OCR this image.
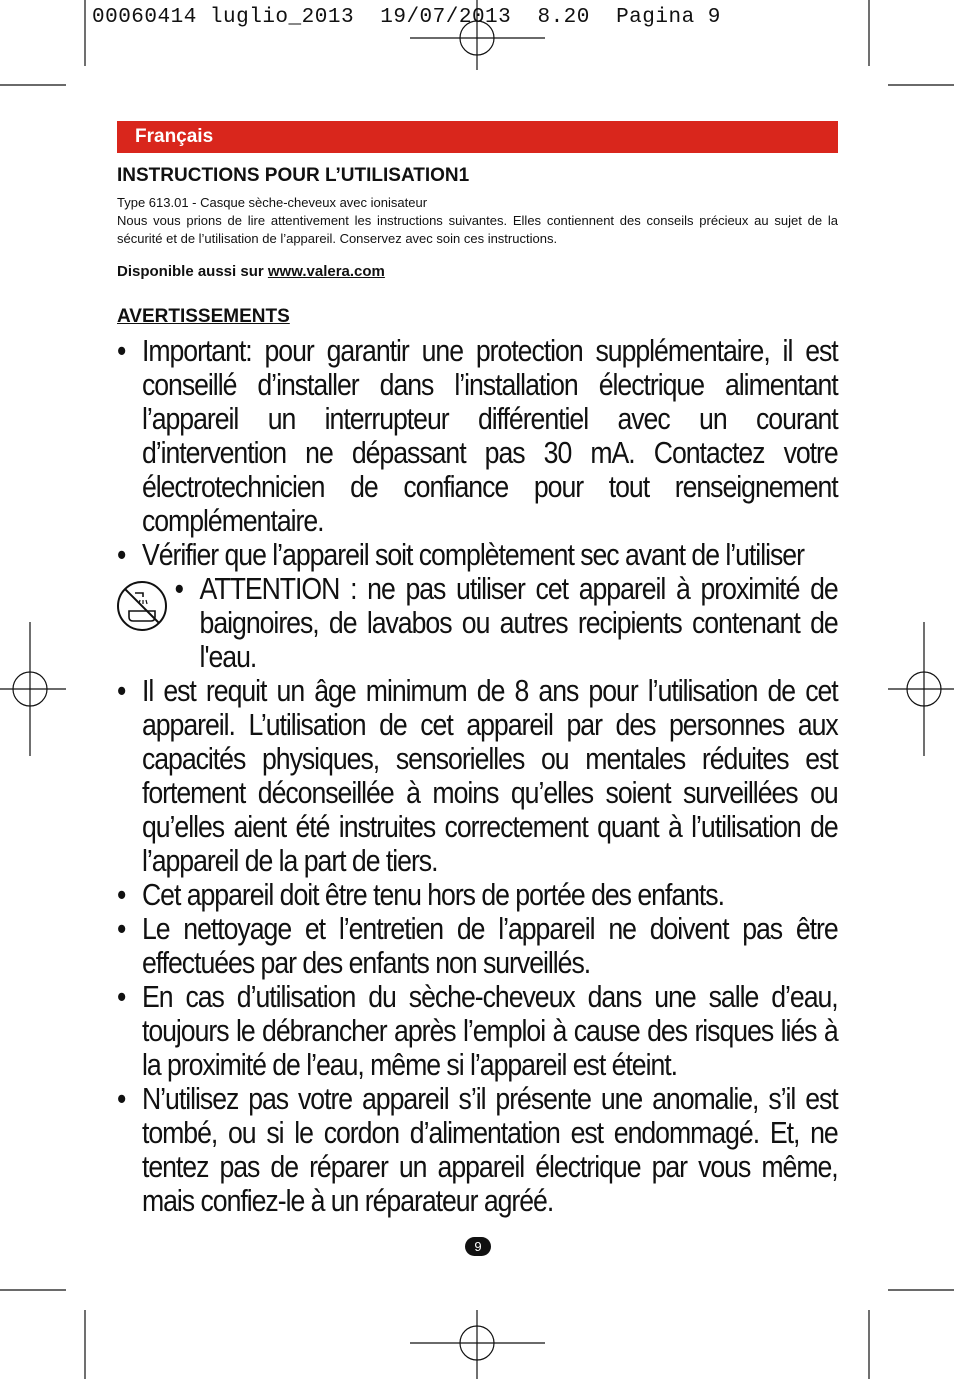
00060414 luglio_2013  19/07/2013  8.20  Pagina 9
Français
INSTRUCTIONS POUR L’UTILISATION1
Type 613.01 - Casque sèche-cheveux avec ionisateur
Nous vous prions de lire attentivement les instructions suivantes. Elles contiennent des conseils précieux au sujet de la sécurité et de l’utilisation de l’appareil. Conservez avec soin ces instructions.
Disponible aussi sur www.valera.com
AVERTISSEMENTS
• Important: pour garantir une protection supplémentaire, il est conseillé d’installer dans l’installation électrique alimentant l’appareil un interrupteur différentiel avec un courant d’intervention ne dépassant pas 30 mA. Contactez votre électrotechnicien de confiance pour tout renseignement complémentaire.
• Vérifier que l’appareil soit complètement sec avant de l’utiliser
• ATTENTION : ne pas utiliser cet appareil à proximité de baignoires, de lavabos ou autres recipients contenant de l'eau.
• Il est requit un âge minimum de 8 ans pour l’utilisation de cet appareil. L’utilisation de cet appareil par des personnes aux capacités physiques, sensorielles ou mentales réduites est fortement déconseillée à moins qu’elles soient surveillées ou qu’elles aient été instruites correctement quant à l’utilisation de l’appareil de la part de tiers.
• Cet appareil doit être tenu hors de portée des enfants.
• Le nettoyage et l’entretien de l’appareil ne doivent pas être effectuées par des enfants non surveillés.
• En cas d’utilisation du sèche-cheveux dans une salle d’eau, toujours le débrancher après l’emploi à cause des risques liés à la proximité de l’eau, même si l’appareil est éteint.
• N’utilisez pas votre appareil s’il présente une anomalie, s’il est tombé, ou si le cordon d’alimentation est endommagé. Et, ne tentez pas de réparer un appareil électrique par vous même, mais confiez-le à un réparateur agréé.
9
